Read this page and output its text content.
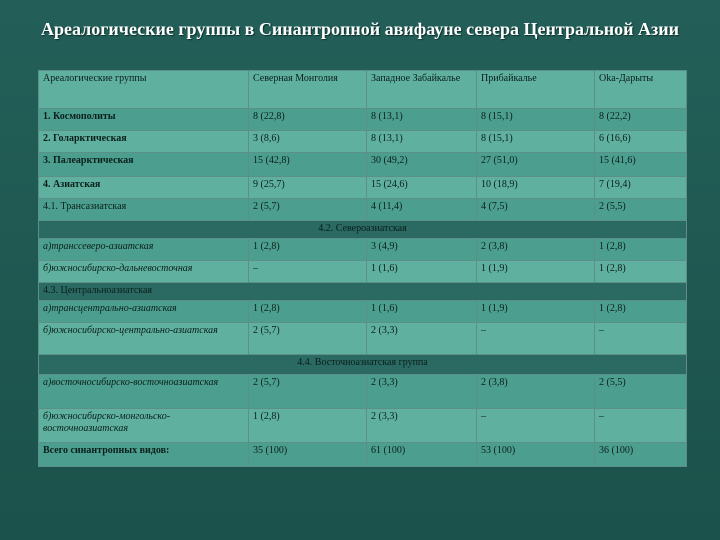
Ареалогические группы в Синантропной авифауне севера Центральной Азии
Ареалогические группы	Северная Монголия	Западное Забайкалье	Прибайкалье	Оka-Дарыты
1. Космополиты	8 (22,8)	8 (13,1)	8 (15,1)	8 (22,2)
2. Голарктическая	3 (8,6)	8 (13,1)	8 (15,1)	6 (16,6)
3. Палеарктическая	15 (42,8)	30 (49,2)	27 (51,0)	15 (41,6)
4. Азиатская	9 (25,7)	15 (24,6)	10 (18,9)	7 (19,4)
4.1. Трансазиатская	2 (5,7)	4 (11,4)	4 (7,5)	2 (5,5)
4.2. Североазиатская				
а)транссеверо-азиатская	1 (2,8)	3 (4,9)	2 (3,8)	1 (2,8)
б)южносибирско-дальневосточная	–	1 (1,6)	1 (1,9)	1 (2,8)
4.3. Центральноазиатская				
а)трансцентрально-азиатская	1 (2,8)	1 (1,6)	1 (1,9)	1 (2,8)
б)южносибирско-центрально-азиатская	2 (5,7)	2 (3,3)	–	–
4.4. Восточноазиатская группа				
а)восточносибирско-восточноазиатская	2 (5,7)	2 (3,3)	2 (3,8)	2 (5,5)
б)южносибирско-монгольско-восточноазиатская	1 (2,8)	2 (3,3)	–	–
Всего синантропных видов:	35 (100)	61 (100)	53 (100)	36 (100)
